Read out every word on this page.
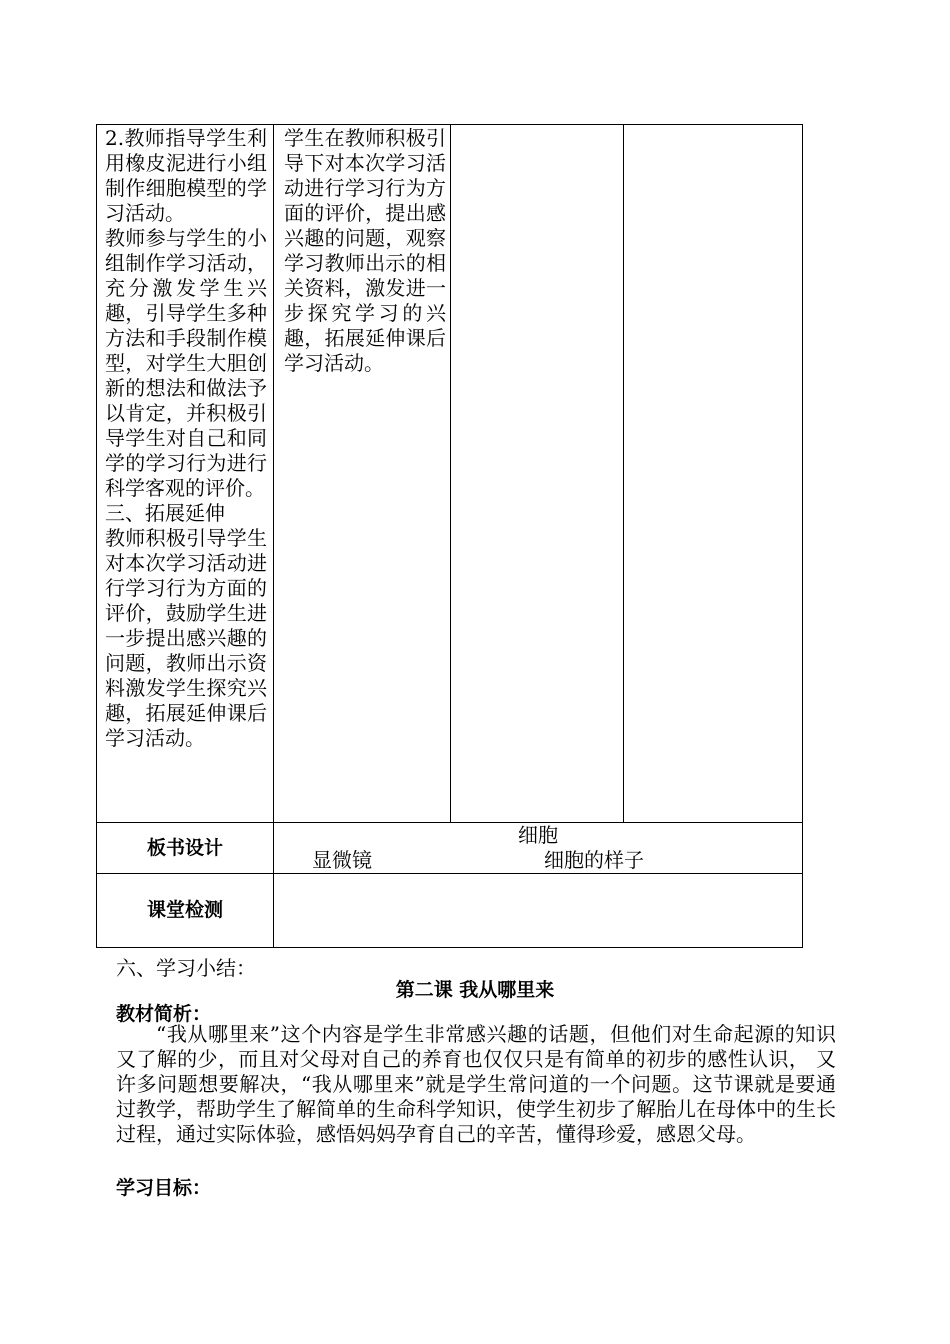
2.教师指导学生利用橡皮泥进行小组制作细胞模型的学习活动。
教师参与学生的小组制作学习活动，充分激发学生兴趣，引导学生多种方法和手段制作模型，对学生大胆创新的想法和做法予以肯定，并积极引导学生对自己和同学的学习行为进行科学客观的评价。
三、拓展延伸
教师积极引导学生对本次学习活动进行学习行为方面的评价，鼓励学生进一步提出感兴趣的问题，教师出示资料激发学生探究兴趣，拓展延伸课后学习活动。	学生在教师积极引导下对本次学习活动进行学习行为方面的评价，提出感兴趣的问题，观察学习教师出示的相关资料，激发进一步探究学习的兴趣，拓展延伸课后学习活动。		

板书设计	细胞
显微镜 细胞的样子		

课堂检测			
六、学习小结：
第二课 我从哪里来
教材简析：
“我从哪里来”这个内容是学生非常感兴趣的话题，但他们对生命起源的知识又了解的少，而且对父母对自己的养育也仅仅只是有简单的初步的感性认识， 又许多问题想要解决，“我从哪里来”就是学生常问道的一个问题。这节课就是要通过教学，帮助学生了解简单的生命科学知识，使学生初步了解胎儿在母体中的生长过程，通过实际体验，感悟妈妈孕育自己的辛苦，懂得珍爱，感恩父母。
学习目标：
